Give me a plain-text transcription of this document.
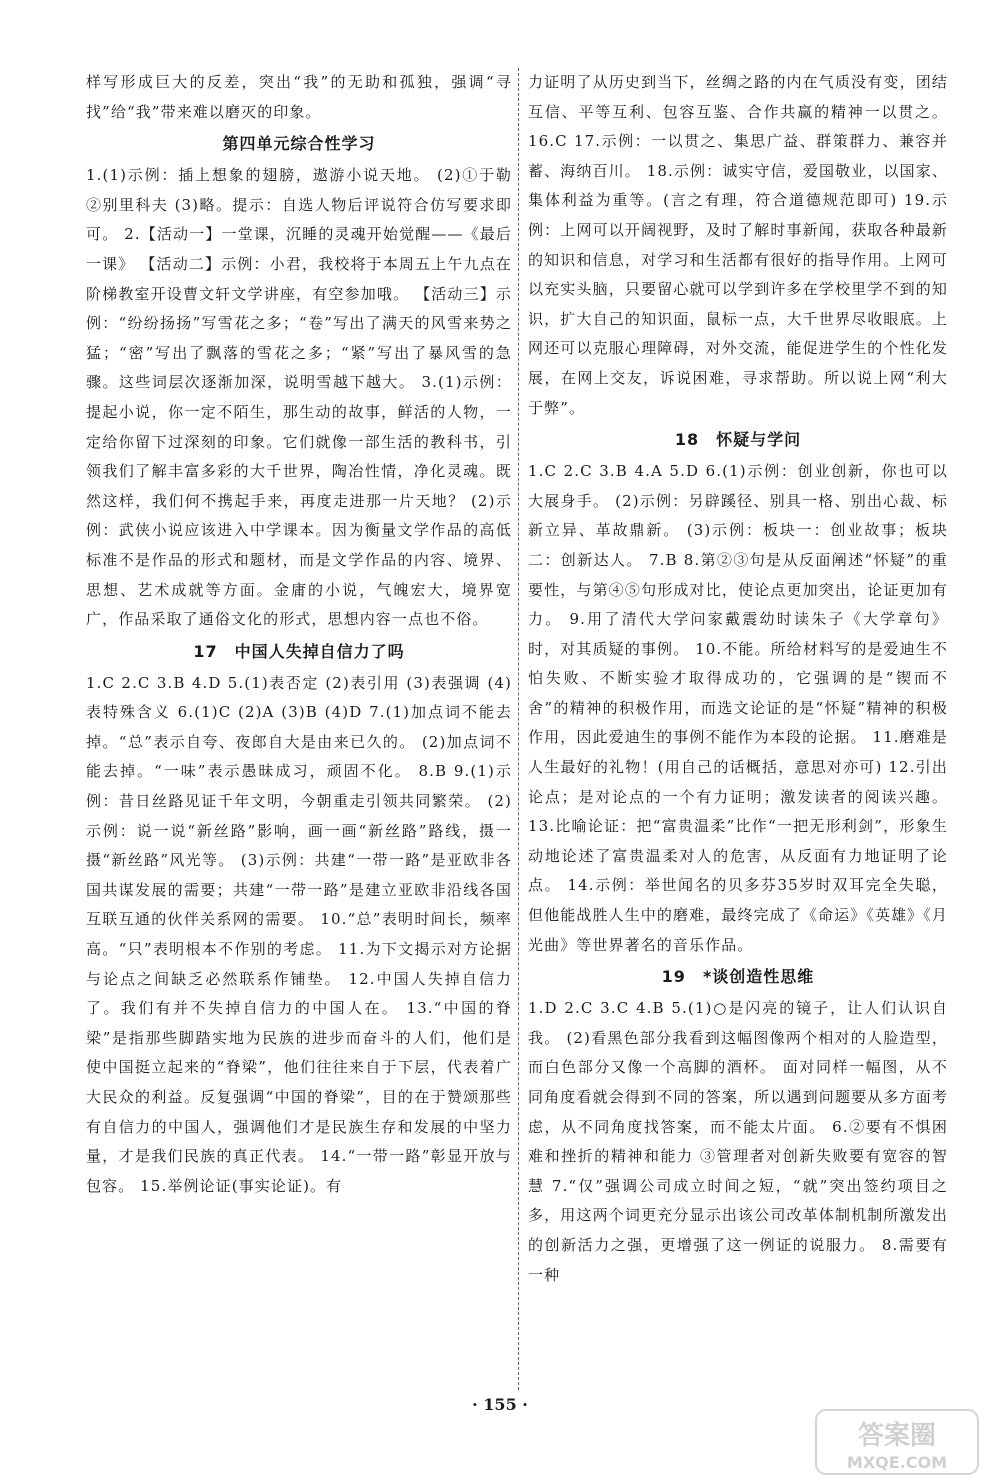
样写形成巨大的反差，突出“我”的无助和孤独，强调“寻找”给“我”带来难以磨灭的印象。

第四单元综合性学习

1.(1)示例：插上想象的翅膀，遨游小说天地。 (2)①于勒 ②别里科夫 (3)略。提示：自选人物后评说符合仿写要求即可。 2.【活动一】一堂课，沉睡的灵魂开始觉醒——《最后一课》 【活动二】示例：小君，我校将于本周五上午九点在阶梯教室开设曹文轩文学讲座，有空参加哦。 【活动三】示例：“纷纷扬扬”写雪花之多；“卷”写出了满天的风雪来势之猛；“密”写出了飘落的雪花之多；“紧”写出了暴风雪的急骤。这些词层次逐渐加深，说明雪越下越大。 3.(1)示例：提起小说，你一定不陌生，那生动的故事，鲜活的人物，一定给你留下过深刻的印象。它们就像一部生活的教科书，引领我们了解丰富多彩的大千世界，陶冶性情，净化灵魂。既然这样，我们何不携起手来，再度走进那一片天地？ (2)示例：武侠小说应该进入中学课本。因为衡量文学作品的高低标准不是作品的形式和题材，而是文学作品的内容、境界、思想、艺术成就等方面。金庸的小说，气魄宏大，境界宽广，作品采取了通俗文化的形式，思想内容一点也不俗。

17　中国人失掉自信力了吗

1.C 2.C 3.B 4.D 5.(1)表否定 (2)表引用 (3)表强调 (4)表特殊含义 6.(1)C (2)A (3)B (4)D 7.(1)加点词不能去掉。“总”表示自夸、夜郎自大是由来已久的。 (2)加点词不能去掉。“一味”表示愚昧成习，顽固不化。 8.B 9.(1)示例：昔日丝路见证千年文明，今朝重走引领共同繁荣。 (2)示例：说一说“新丝路”影响，画一画“新丝路”路线，摄一摄“新丝路”风光等。 (3)示例：共建“一带一路”是亚欧非各国共谋发展的需要；共建“一带一路”是建立亚欧非沿线各国互联互通的伙伴关系网的需要。 10.“总”表明时间长，频率高。“只”表明根本不作别的考虑。 11.为下文揭示对方论据与论点之间缺乏必然联系作铺垫。 12.中国人失掉自信力了。我们有并不失掉自信力的中国人在。 13.“中国的脊梁”是指那些脚踏实地为民族的进步而奋斗的人们，他们是使中国挺立起来的“脊梁”，他们往往来自于下层，代表着广大民众的利益。反复强调“中国的脊梁”，目的在于赞颂那些有自信力的中国人，强调他们才是民族生存和发展的中坚力量，才是我们民族的真正代表。 14.“一带一路”彰显开放与包容。 15.举例论证(事实论证)。有

力证明了从历史到当下，丝绸之路的内在气质没有变，团结互信、平等互利、包容互鉴、合作共赢的精神一以贯之。 16.C 17.示例：一以贯之、集思广益、群策群力、兼容并蓄、海纳百川。 18.示例：诚实守信，爱国敬业，以国家、集体利益为重等。(言之有理，符合道德规范即可) 19.示例：上网可以开阔视野，及时了解时事新闻，获取各种最新的知识和信息，对学习和生活都有很好的指导作用。上网可以充实头脑，只要留心就可以学到许多在学校里学不到的知识，扩大自己的知识面，鼠标一点，大千世界尽收眼底。上网还可以克服心理障碍，对外交流，能促进学生的个性化发展，在网上交友，诉说困难，寻求帮助。所以说上网“利大于弊”。

18　怀疑与学问

1.C 2.C 3.B 4.A 5.D 6.(1)示例：创业创新，你也可以大展身手。 (2)示例：另辟蹊径、别具一格、别出心裁、标新立异、革故鼎新。 (3)示例：板块一：创业故事；板块二：创新达人。 7.B 8.第②③句是从反面阐述“怀疑”的重要性，与第④⑤句形成对比，使论点更加突出，论证更加有力。 9.用了清代大学问家戴震幼时读朱子《大学章句》时，对其质疑的事例。 10.不能。所给材料写的是爱迪生不怕失败、不断实验才取得成功的，它强调的是“锲而不舍”的精神的积极作用，而选文论证的是“怀疑”精神的积极作用，因此爱迪生的事例不能作为本段的论据。 11.磨难是人生最好的礼物！(用自己的话概括，意思对亦可) 12.引出论点；是对论点的一个有力证明；激发读者的阅读兴趣。 13.比喻论证：把“富贵温柔”比作“一把无形利剑”，形象生动地论述了富贵温柔对人的危害，从反面有力地证明了论点。 14.示例：举世闻名的贝多芬35岁时双耳完全失聪，但他能战胜人生中的磨难，最终完成了《命运》《英雄》《月光曲》等世界著名的音乐作品。

19　*谈创造性思维

1.D 2.C 3.C 4.B 5.(1)○是闪亮的镜子，让人们认识自我。 (2)看黑色部分我看到这幅图像两个相对的人脸造型，而白色部分又像一个高脚的酒杯。 面对同样一幅图，从不同角度看就会得到不同的答案，所以遇到问题要从多方面考虑，从不同角度找答案，而不能太片面。 6.②要有不惧困难和挫折的精神和能力 ③管理者对创新失败要有宽容的智慧 7.“仅”强调公司成立时间之短，“就”突出签约项目之多，用这两个词更充分显示出该公司改革体制机制所激发出的创新活力之强，更增强了这一例证的说服力。 8.需要有一种

· 155 ·
答案圈
MXQE.COM
